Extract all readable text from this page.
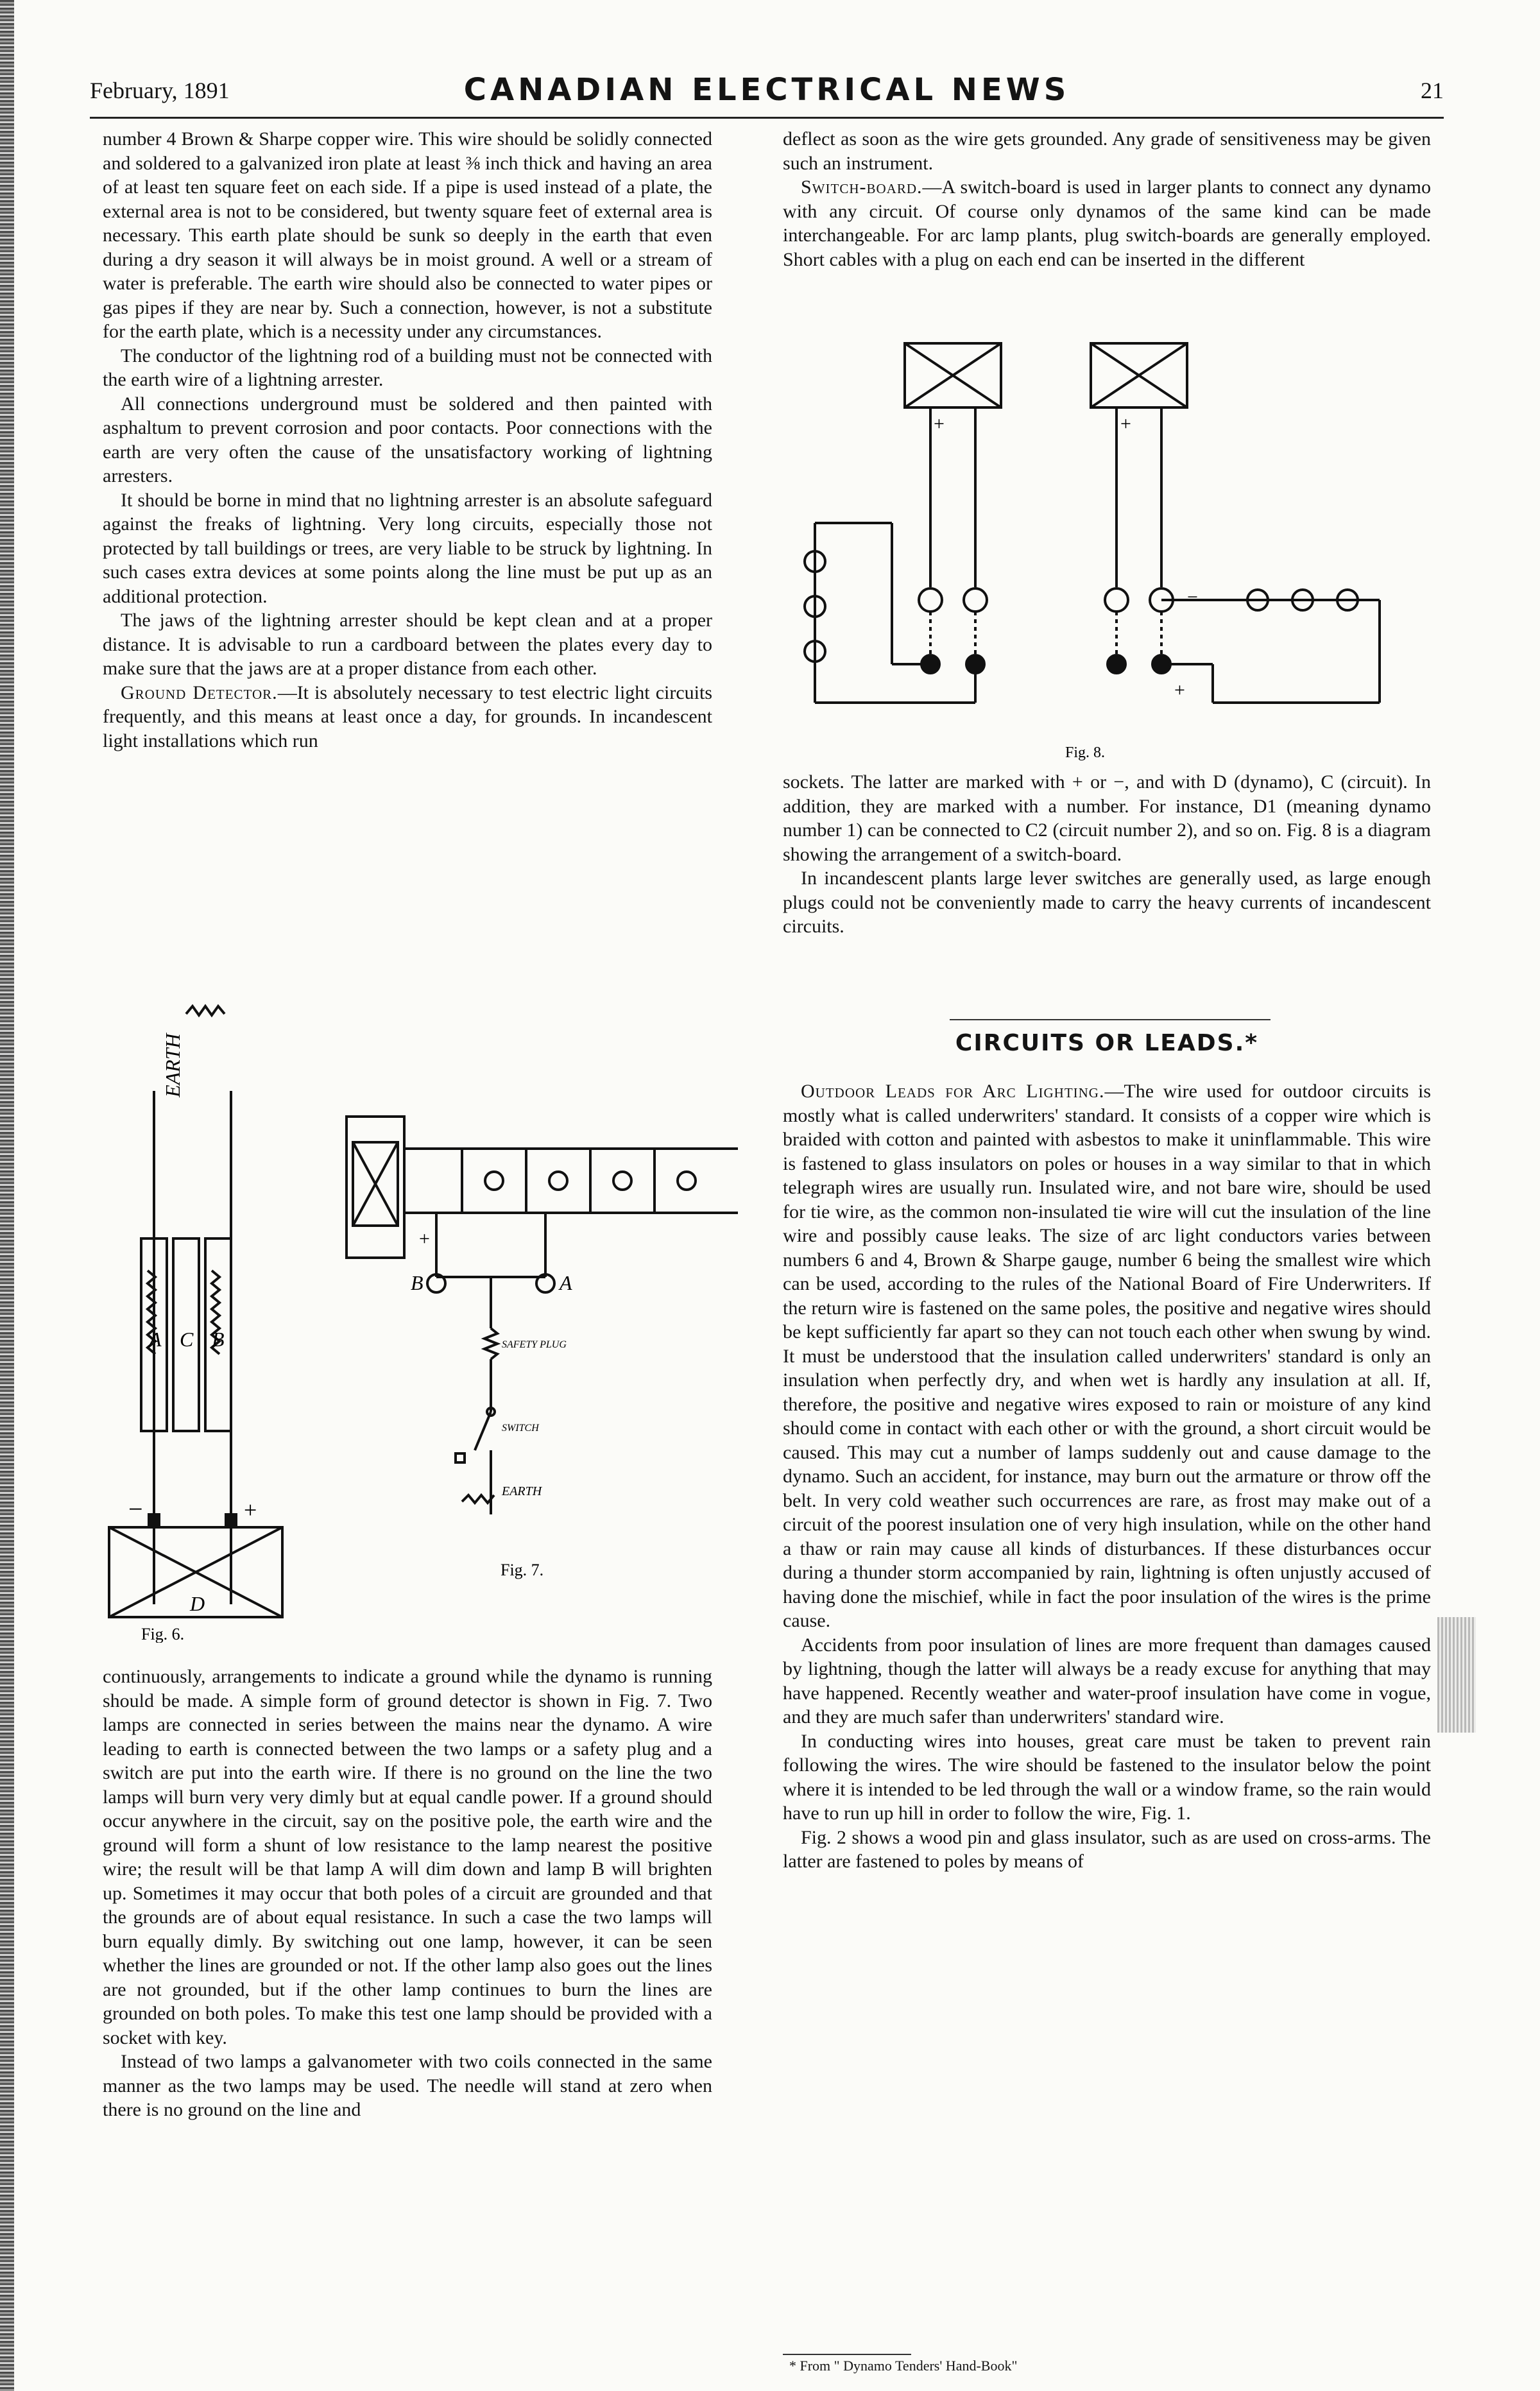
February, 1891	CANADIAN ELECTRICAL NEWS	21

number 4 Brown & Sharpe copper wire. This wire should be solidly connected and soldered to a galvanized iron plate at least ⅜ inch thick and having an area of at least ten square feet on each side. If a pipe is used instead of a plate, the external area is not to be considered, but twenty square feet of external area is necessary. This earth plate should be sunk so deeply in the earth that even during a dry season it will always be in moist ground. A well or a stream of water is preferable. The earth wire should also be connected to water pipes or gas pipes if they are near by. Such a connection, however, is not a substitute for the earth plate, which is a necessity under any circumstances.

The conductor of the lightning rod of a building must not be connected with the earth wire of a lightning arrester.

All connections underground must be soldered and then painted with asphaltum to prevent corrosion and poor contacts. Poor connections with the earth are very often the cause of the unsatisfactory working of lightning arresters.

It should be borne in mind that no lightning arrester is an absolute safeguard against the freaks of lightning. Very long circuits, especially those not protected by tall buildings or trees, are very liable to be struck by lightning. In such cases extra devices at some points along the line must be put up as an additional protection.

The jaws of the lightning arrester should be kept clean and at a proper distance. It is advisable to run a cardboard between the plates every day to make sure that the jaws are at a proper distance from each other.

Ground Detector.—It is absolutely necessary to test electric light circuits frequently, and this means at least once a day, for grounds. In incandescent light installations which run

EARTH
A C B
−	+
D
Fig. 6.
+
B	A
SAFETY PLUG
SWITCH
EARTH
Fig. 7.

continuously, arrangements to indicate a ground while the dynamo is running should be made. A simple form of ground detector is shown in Fig. 7. Two lamps are connected in series between the mains near the dynamo. A wire leading to earth is connected between the two lamps or a safety plug and a switch are put into the earth wire. If there is no ground on the line the two lamps will burn very very dimly but at equal candle power. If a ground should occur anywhere in the circuit, say on the positive pole, the earth wire and the ground will form a shunt of low resistance to the lamp nearest the positive wire; the result will be that lamp A will dim down and lamp B will brighten up. Sometimes it may occur that both poles of a circuit are grounded and that the grounds are of about equal resistance. In such a case the two lamps will burn equally dimly. By switching out one lamp, however, it can be seen whether the lines are grounded or not. If the other lamp also goes out the lines are not grounded, but if the other lamp continues to burn the lines are grounded on both poles. To make this test one lamp should be provided with a socket with key.

Instead of two lamps a galvanometer with two coils connected in the same manner as the two lamps may be used. The needle will stand at zero when there is no ground on the line and

deflect as soon as the wire gets grounded. Any grade of sensitiveness may be given such an instrument.

Switch-board.—A switch-board is used in larger plants to connect any dynamo with any circuit. Of course only dynamos of the same kind can be made interchangeable. For arc lamp plants, plug switch-boards are generally employed. Short cables with a plug on each end can be inserted in the different

+	+
−
+
Fig. 8.

sockets. The latter are marked with + or −, and with D (dynamo), C (circuit). In addition, they are marked with a number. For instance, D1 (meaning dynamo number 1) can be connected to C2 (circuit number 2), and so on. Fig. 8 is a diagram showing the arrangement of a switch-board.

In incandescent plants large lever switches are generally used, as large enough plugs could not be conveniently made to carry the heavy currents of incandescent circuits.

CIRCUITS OR LEADS.*

Outdoor Leads for Arc Lighting.—The wire used for outdoor circuits is mostly what is called underwriters' standard. It consists of a copper wire which is braided with cotton and painted with asbestos to make it uninflammable. This wire is fastened to glass insulators on poles or houses in a way similar to that in which telegraph wires are usually run. Insulated wire, and not bare wire, should be used for tie wire, as the common non-insulated tie wire will cut the insulation of the line wire and possibly cause leaks. The size of arc light conductors varies between numbers 6 and 4, Brown & Sharpe gauge, number 6 being the smallest wire which can be used, according to the rules of the National Board of Fire Underwriters. If the return wire is fastened on the same poles, the positive and negative wires should be kept sufficiently far apart so they can not touch each other when swung by wind. It must be understood that the insulation called underwriters' standard is only an insulation when perfectly dry, and when wet is hardly any insulation at all. If, therefore, the positive and negative wires exposed to rain or moisture of any kind should come in contact with each other or with the ground, a short circuit would be caused. This may cut a number of lamps suddenly out and cause damage to the dynamo. Such an accident, for instance, may burn out the armature or throw off the belt. In very cold weather such occurrences are rare, as frost may make out of a circuit of the poorest insulation one of very high insulation, while on the other hand a thaw or rain may cause all kinds of disturbances. If these disturbances occur during a thunder storm accompanied by rain, lightning is often unjustly accused of having done the mischief, while in fact the poor insulation of the wires is the prime cause.

Accidents from poor insulation of lines are more frequent than damages caused by lightning, though the latter will always be a ready excuse for anything that may have happened. Recently weather and water-proof insulation have come in vogue, and they are much safer than underwriters' standard wire.

In conducting wires into houses, great care must be taken to prevent rain following the wires. The wire should be fastened to the insulator below the point where it is intended to be led through the wall or a window frame, so the rain would have to run up hill in order to follow the wire, Fig. 1.

Fig. 2 shows a wood pin and glass insulator, such as are used on cross-arms. The latter are fastened to poles by means of

* From " Dynamo Tenders' Hand-Book"
